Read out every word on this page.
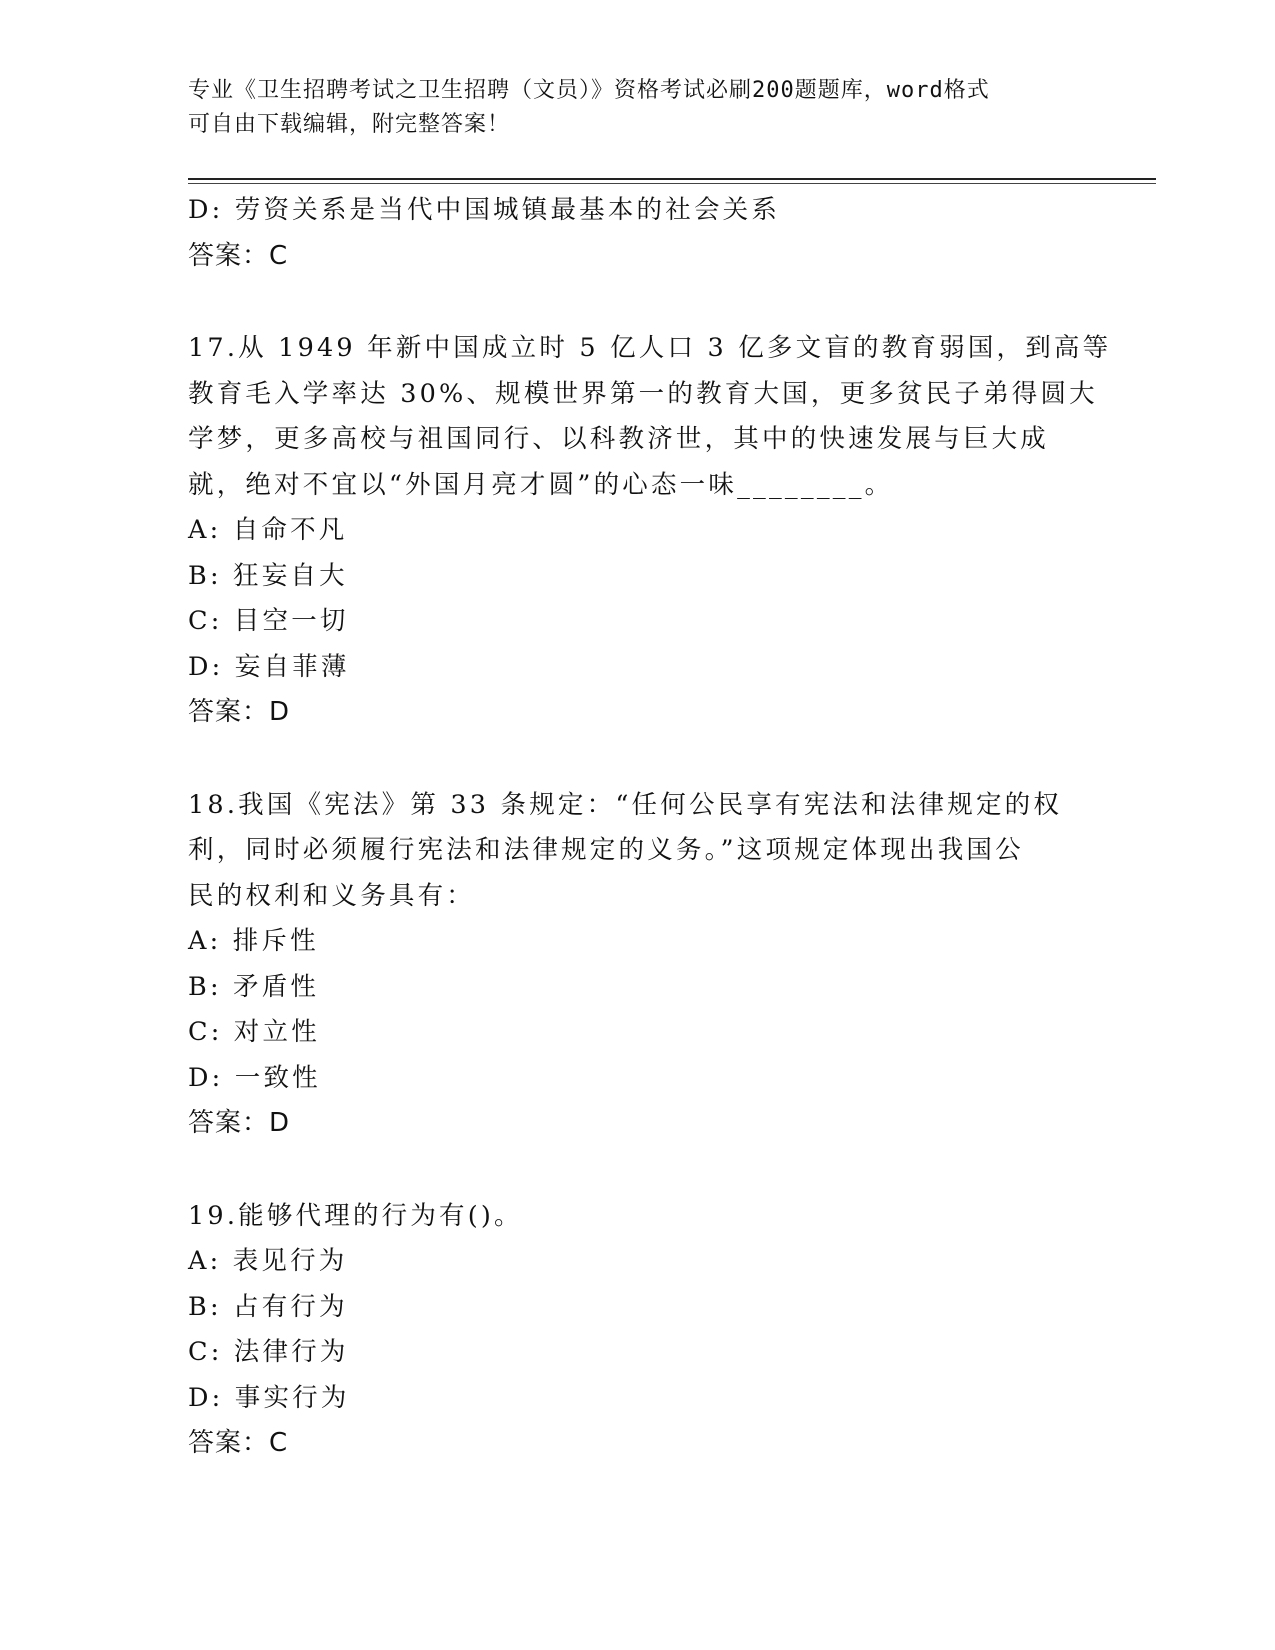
专业《卫生招聘考试之卫生招聘（文员）》资格考试必刷200题题库，word格式
可自由下载编辑，附完整答案！
D: 劳资关系是当代中国城镇最基本的社会关系
答案：C
17.从 1949 年新中国成立时 5 亿人口 3 亿多文盲的教育弱国，到高等
教育毛入学率达 30%、规模世界第一的教育大国，更多贫民子弟得圆大
学梦，更多高校与祖国同行、以科教济世，其中的快速发展与巨大成
就，绝对不宜以“外国月亮才圆”的心态一味________。
A: 自命不凡
B: 狂妄自大
C: 目空一切
D: 妄自菲薄
答案：D
18.我国《宪法》第 33 条规定：“任何公民享有宪法和法律规定的权
利，同时必须履行宪法和法律规定的义务。”这项规定体现出我国公
民的权利和义务具有：
A: 排斥性
B: 矛盾性
C: 对立性
D: 一致性
答案：D
19.能够代理的行为有()。
A: 表见行为
B: 占有行为
C: 法律行为
D: 事实行为
答案：C
